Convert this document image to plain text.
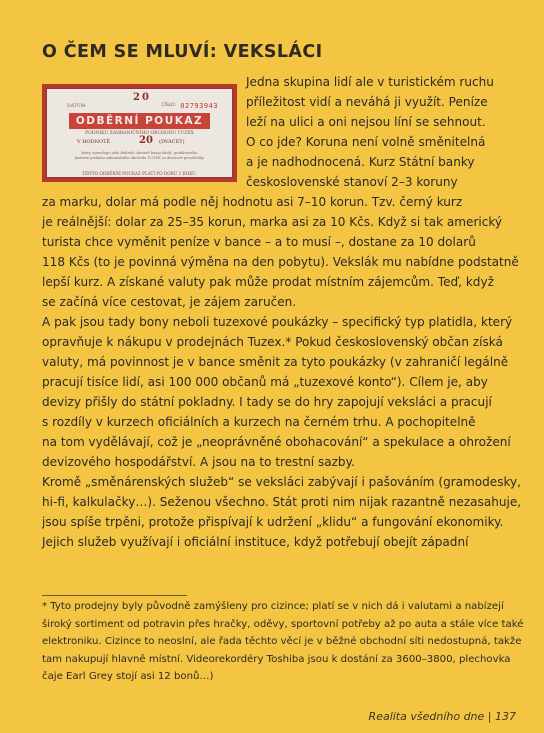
O ČEM SE MLUVÍ: VEKSLÁCI
20
DATUM:	ČÍSLO: 02793943
ODBĚRNÍ POUKAZ
PODNIKU ZAHRANIČNÍHO OBCHODU TUZEX
V HODNOTĚ	20 (DVACET)
který opravňuje jeho držitele obratně koupi zboží, prodávaného
jménem podniku zahraničního obchodu TUZEX za devizové prostředky.
TENTO ODBĚRNÍ POUKAZ PLATÍ PO DOBU 1 ROKU.
Jedna skupina lidí ale v turistickém ruchu
příležitost vidí a neváhá ji využít. Peníze
leží na ulici a oni nejsou líní se sehnout.
O co jde? Koruna není volně směnitelná
a je nadhodnocená. Kurz Státní banky
československé stanoví 2–3 koruny
za marku, dolar má podle něj hodnotu asi 7–10 korun. Tzv. černý kurz
je reálnější: dolar za 25–35 korun, marka asi za 10 Kčs. Když si tak americký
turista chce vyměnit peníze v bance – a to musí –, dostane za 10 dolarů
118 Kčs (to je povinná výměna na den pobytu). Vekslák mu nabídne podstatně
lepší kurz. A získané valuty pak může prodat místním zájemcům. Teď, když
se začíná více cestovat, je zájem zaručen.
A pak jsou tady bony neboli tuzexové poukázky – specifický typ platidla, který
opravňuje k nákupu v prodejnách Tuzex.* Pokud československý občan získá
valuty, má povinnost je v bance směnit za tyto poukázky (v zahraničí legálně
pracují tisíce lidí, asi 100 000 občanů má „tuzexové konto“). Cílem je, aby
devizy přišly do státní pokladny. I tady se do hry zapojují veksláci a pracují
s rozdíly v kurzech oficiálních a kurzech na černém trhu. A pochopitelně
na tom vydělávají, což je „neoprávněné obohacování“ a spekulace a ohrožení
devizového hospodářství. A jsou na to trestní sazby.
Kromě „směnárenských služeb“ se veksláci zabývají i pašováním (gramodesky,
hi-fi, kalkulačky…). Seženou všechno. Stát proti nim nijak razantně nezasahuje,
jsou spíše trpěni, protože přispívají k udržení „klidu“ a fungování ekonomiky.
Jejich služeb využívají i oficiální instituce, když potřebují obejít západní
* Tyto prodejny byly původně zamýšleny pro cizince; platí se v nich dá i valutami a nabízejí
široký sortiment od potravin přes hračky, oděvy, sportovní potřeby až po auta a stále více také
elektroniku. Cizince to neoslní, ale řada těchto věcí je v běžné obchodní síti nedostupná, takže
tam nakupují hlavně místní. Videorekordéry Toshiba jsou k dostání za 3600–3800, plechovka
čaje Earl Grey stojí asi 12 bonů…)
Realita všedního dne | 137
